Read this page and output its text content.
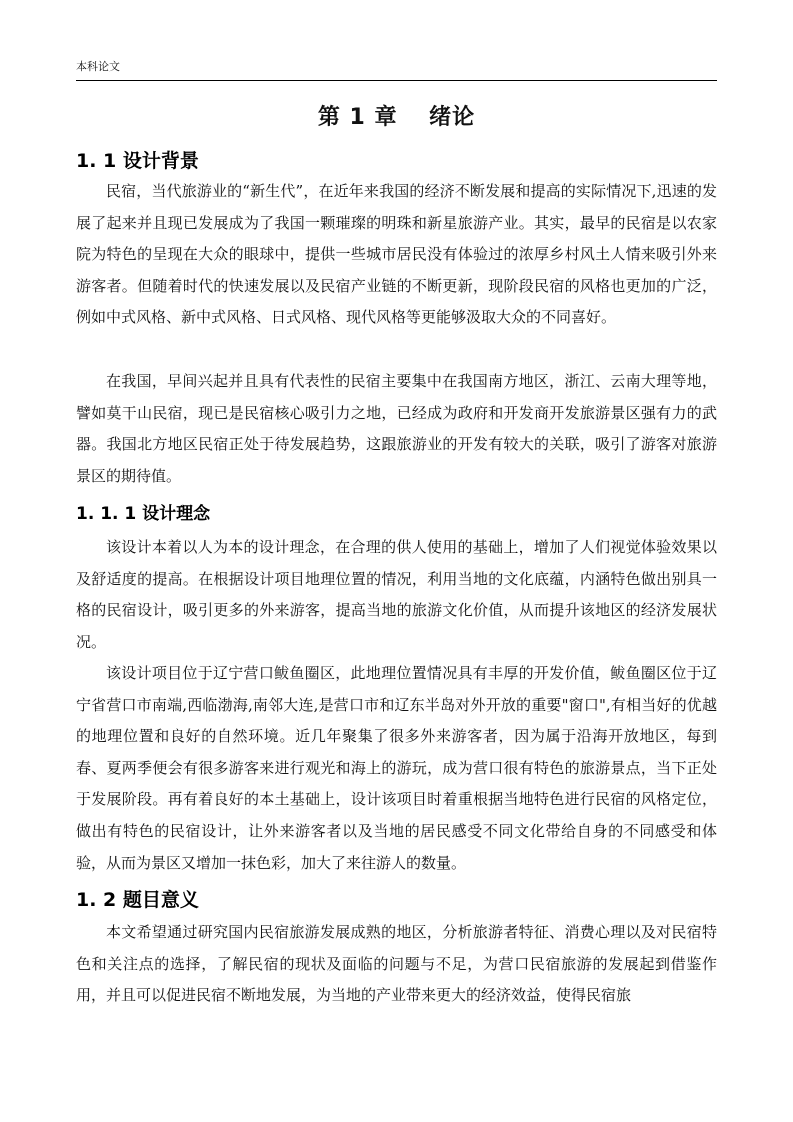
本科论文
第 1 章　 绪论
1. 1 设计背景

民宿，当代旅游业的“新生代”，在近年来我国的经济不断发展和提高的实际情况下,迅速的发展了起来并且现已发展成为了我国一颗璀璨的明珠和新星旅游产业。其实，最早的民宿是以农家院为特色的呈现在大众的眼球中，提供一些城市居民没有体验过的浓厚乡村风土人情来吸引外来游客者。但随着时代的快速发展以及民宿产业链的不断更新，现阶段民宿的风格也更加的广泛，例如中式风格、新中式风格、日式风格、现代风格等更能够汲取大众的不同喜好。

在我国，早间兴起并且具有代表性的民宿主要集中在我国南方地区，浙江、云南大理等地，譬如莫干山民宿，现已是民宿核心吸引力之地，已经成为政府和开发商开发旅游景区强有力的武器。我国北方地区民宿正处于待发展趋势，这跟旅游业的开发有较大的关联，吸引了游客对旅游景区的期待值。

1. 1. 1 设计理念

该设计本着以人为本的设计理念，在合理的供人使用的基础上，增加了人们视觉体验效果以及舒适度的提高。在根据设计项目地理位置的情况，利用当地的文化底蕴，内涵特色做出别具一格的民宿设计，吸引更多的外来游客，提高当地的旅游文化价值，从而提升该地区的经济发展状况。

该设计项目位于辽宁营口鲅鱼圈区，此地理位置情况具有丰厚的开发价值，鲅鱼圈区位于辽宁省营口市南端,西临渤海,南邻大连,是营口市和辽东半岛对外开放的重要"窗口",有相当好的优越的地理位置和良好的自然环境。近几年聚集了很多外来游客者，因为属于沿海开放地区，每到春、夏两季便会有很多游客来进行观光和海上的游玩，成为营口很有特色的旅游景点，当下正处于发展阶段。再有着良好的本土基础上，设计该项目时着重根据当地特色进行民宿的风格定位，做出有特色的民宿设计，让外来游客者以及当地的居民感受不同文化带给自身的不同感受和体验，从而为景区又增加一抹色彩，加大了来往游人的数量。

1. 2 题目意义

本文希望通过研究国内民宿旅游发展成熟的地区，分析旅游者特征、消费心理以及对民宿特色和关注点的选择，了解民宿的现状及面临的问题与不足，为营口民宿旅游的发展起到借鉴作用，并且可以促进民宿不断地发展，为当地的产业带来更大的经济效益，使得民宿旅
